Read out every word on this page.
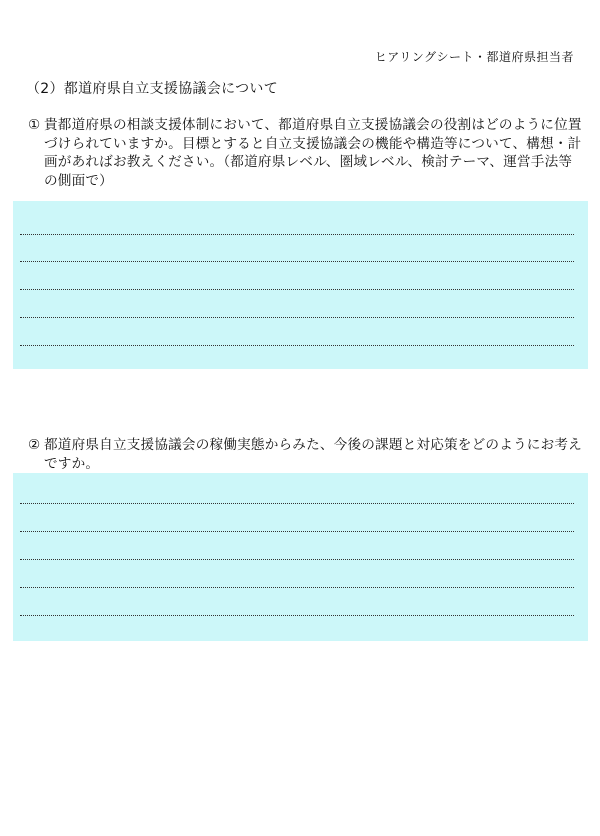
ヒアリングシート・都道府県担当者
（2）都道府県自立支援協議会について
① 貴都道府県の相談支援体制において、都道府県自立支援協議会の役割はどのように位置づけられていますか。目標とすると自立支援協議会の機能や構造等について、構想・計画があればお教えください。（都道府県レベル、圏域レベル、検討テーマ、運営手法等の側面で）
② 都道府県自立支援協議会の稼働実態からみた、今後の課題と対応策をどのようにお考えですか。
